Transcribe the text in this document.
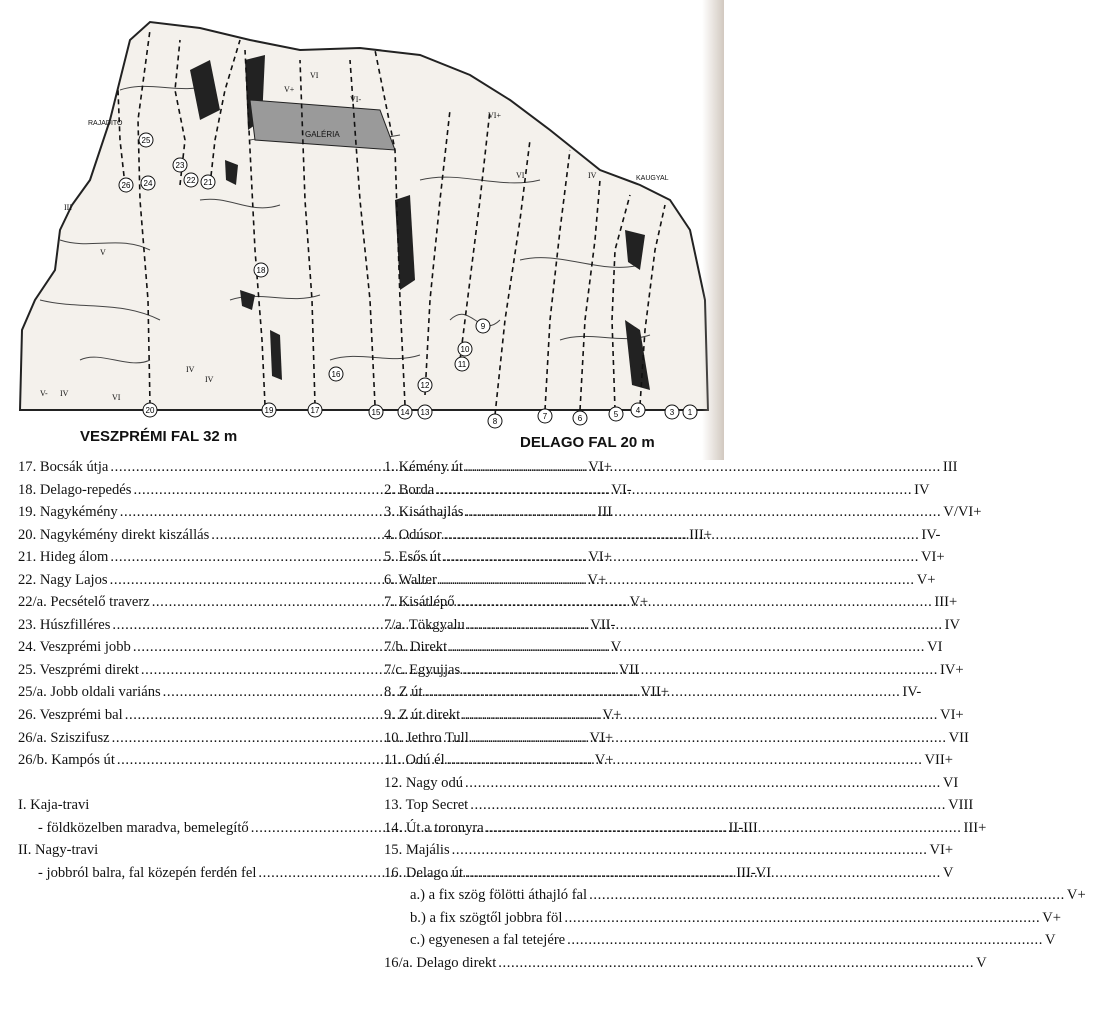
1
3
4
5
6
7
8
9
10
11
12
13
14
15
16
17
18
19
20
21
22
23
24
25
26
RAJADITO
KAUGYAL
GALÉRIA
VI
V+
VI-
IV
III
V
IV
VI
IV
V-
VI+
VI
IV
VESZPRÉMI FAL 32 m	DELAGO FAL 20 m
17. Bocsák útja .....	VI+
18. Delago-repedés .....	VI-
19. Nagykémény .....	III
20. Nagykémény direkt kiszállás .....	III+
21. Hideg álom .....	VI+
22. Nagy Lajos .....	V+
22/a. Pecsételő traverz .....	V+
23. Húszfilléres .....	VII-
24. Veszprémi jobb .....	V
25. Veszprémi direkt .....	VII
25/a. Jobb oldali variáns .....	VII+
26. Veszprémi bal .....	V+
26/a. Sziszifusz .....	VI+
26/b. Kampós út .....	V+
I. Kaja-travi
- földközelben maradva, bemelegítő .....	II-III
II. Nagy-travi
- jobbról balra, fal közepén ferdén fel .....	III-VI
1. Kémény út .....	III
2. Borda .....	IV
3. Kisáthajlás .....	V/VI+
4. Odúsor .....	IV-
5. Esős út .....	VI+
6. Walter .....	V+
7. Kisátlépő .....	III+
7/a. Tökgyalu .....	IV
7/b. Direkt .....	VI
7/c. Egyujjas .....	IV+
8. Z út .....	IV-
9. Z út direkt .....	VI+
10. Jethro Tull .....	VII
11. Odú él .....	VII+
12. Nagy odú .....	VI
13. Top Secret .....	VIII
14. Út a toronyra .....	III+
15. Majális .....	VI+
16. Delago út .....	V
a.) a fix szög fölötti áthajló fal .....	V+
b.) a fix szögtől jobbra föl .....	V+
c.) egyenesen a fal tetejére .....	V
16/a. Delago direkt .....	V
